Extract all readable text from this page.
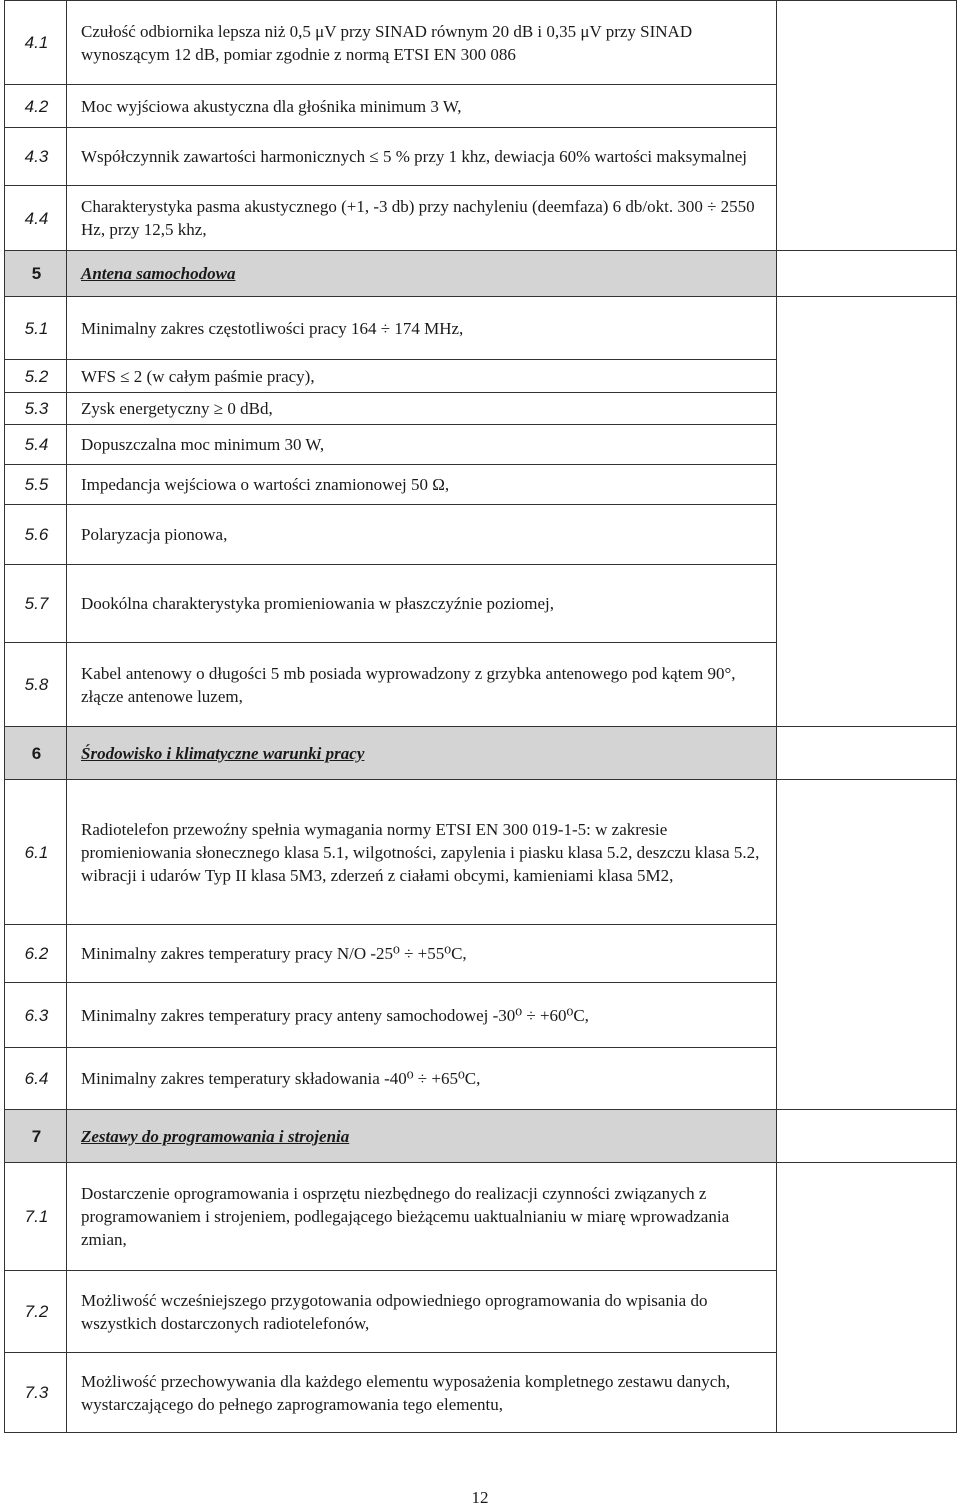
4.1	Czułość odbiornika lepsza niż 0,5 μV przy SINAD równym 20 dB i 0,35 μV przy SINAD wynoszącym 12 dB, pomiar zgodnie z normą ETSI EN 300 086	
4.2	Moc wyjściowa akustyczna dla głośnika minimum 3 W,	
4.3	Współczynnik zawartości harmonicznych ≤ 5 % przy 1 khz, dewiacja 60% wartości maksymalnej	
4.4	Charakterystyka pasma akustycznego (+1, -3 db) przy nachyleniu (deemfaza) 6 db/okt. 300 ÷ 2550 Hz, przy 12,5 khz,	
5	Antena samochodowa	
5.1	Minimalny zakres częstotliwości pracy 164 ÷ 174 MHz,	
5.2	WFS ≤ 2 (w całym paśmie pracy),	
5.3	Zysk energetyczny ≥ 0 dBd,	
5.4	Dopuszczalna moc minimum 30 W,	
5.5	Impedancja wejściowa o wartości znamionowej 50 Ω,	
5.6	Polaryzacja pionowa,	
5.7	Dookólna charakterystyka promieniowania w płaszczyźnie poziomej,	
5.8	Kabel antenowy o długości 5 mb posiada wyprowadzony z grzybka antenowego pod kątem 90°, złącze antenowe luzem,	
6	Środowisko i klimatyczne warunki pracy	
6.1	Radiotelefon przewoźny spełnia wymagania normy ETSI EN 300 019-1-5: w zakresie promieniowania słonecznego klasa 5.1, wilgotności, zapylenia i piasku klasa 5.2, deszczu klasa 5.2, wibracji i udarów Typ II klasa 5M3, zderzeń z ciałami obcymi, kamieniami klasa 5M2,	
6.2	Minimalny zakres temperatury pracy N/O -25⁰ ÷ +55⁰C,	
6.3	Minimalny zakres temperatury pracy anteny samochodowej -30⁰ ÷ +60⁰C,	
6.4	Minimalny zakres temperatury składowania -40⁰ ÷ +65⁰C,	
7	Zestawy do programowania i strojenia	
7.1	Dostarczenie oprogramowania i osprzętu niezbędnego do realizacji czynności związanych z programowaniem i strojeniem, podlegającego bieżącemu uaktualnianiu w miarę wprowadzania zmian,	
7.2	Możliwość wcześniejszego przygotowania odpowiedniego oprogramowania do wpisania do wszystkich dostarczonych radiotelefonów,	
7.3	Możliwość przechowywania dla każdego elementu wyposażenia kompletnego zestawu danych, wystarczającego do pełnego zaprogramowania tego elementu,	
12
